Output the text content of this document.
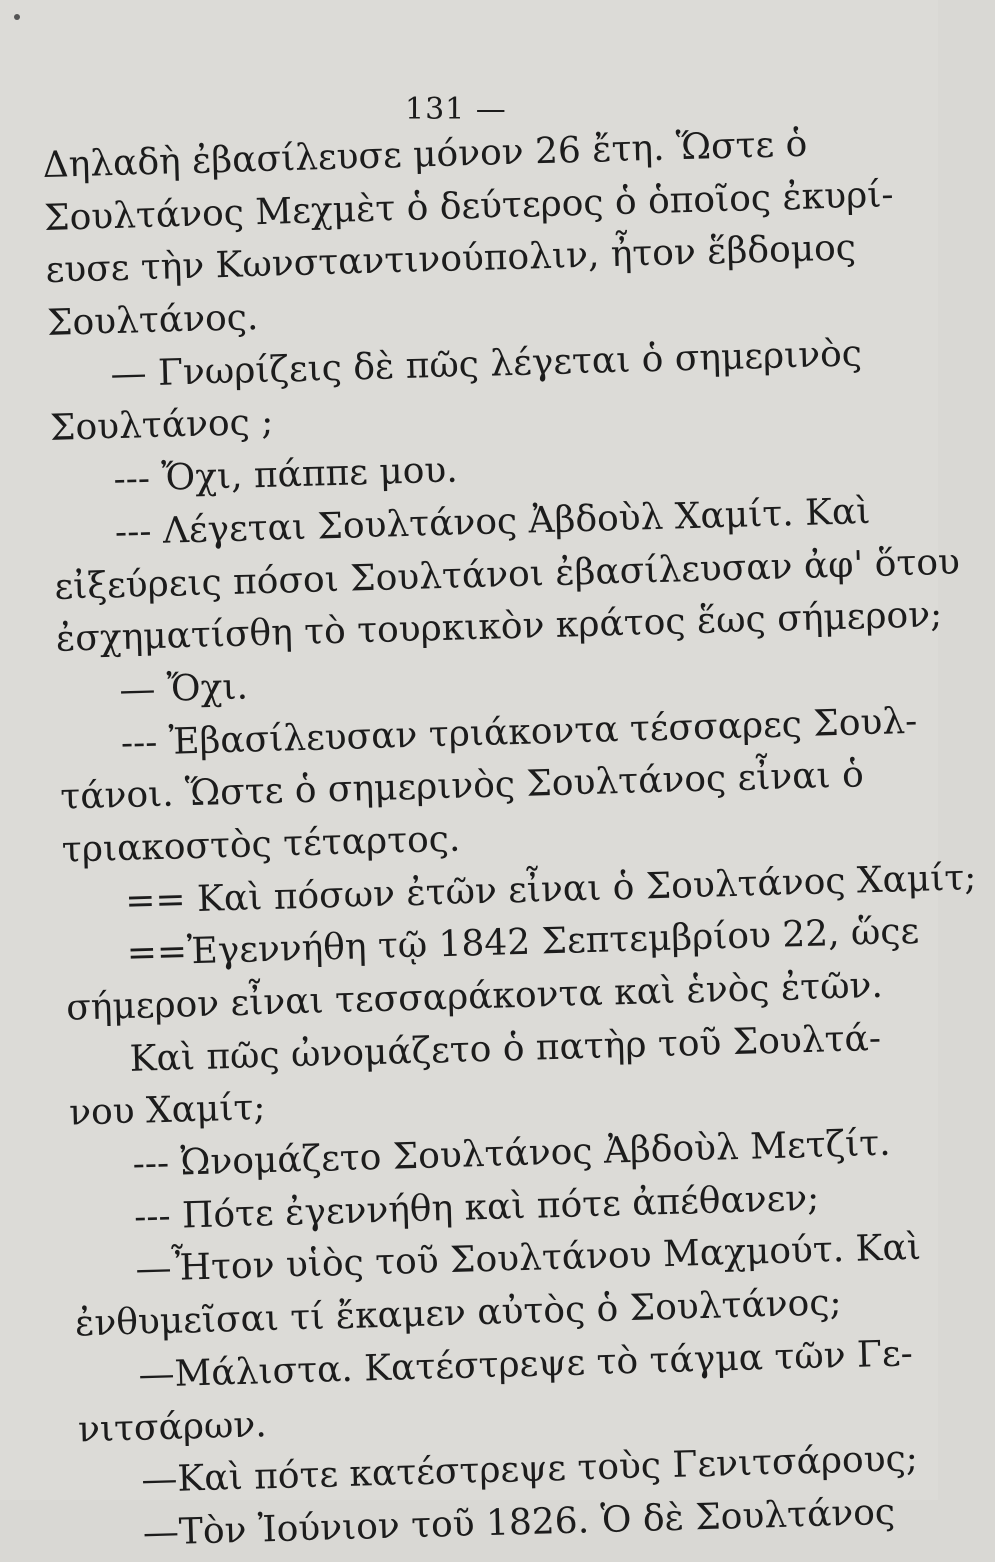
131 —
Δηλαδὴ ἐβασίλευσε μόνον 26 ἔτη. Ὥστε ὁ
Σουλτάνος Μεχμὲτ ὁ δεύτερος ὁ ὁποῖος ἐκυρί-
ευσε τὴν Κωνσταντινούπολιν, ἦτον ἕβδομος
Σουλτάνος.
— Γνωρίζεις δὲ πῶς λέγεται ὁ σημερινὸς
Σουλτάνος ;
--- Ὄχι, πάππε μου.
--- Λέγεται Σουλτάνος Ἀβδοὺλ Χαμίτ. Καὶ
εἰξεύρεις πόσοι Σουλτάνοι ἐβασίλευσαν ἀφ' ὅτου
ἐσχηματίσθη τὸ τουρκικὸν κράτος ἕως σήμερον;
— Ὄχι.
--- Ἐβασίλευσαν τριάκοντα τέσσαρες Σουλ-
τάνοι. Ὥστε ὁ σημερινὸς Σουλτάνος εἶναι ὁ
τριακοστὸς τέταρτος.
== Καὶ πόσων ἐτῶν εἶναι ὁ Σουλτάνος Χαμίτ;
==Ἐγεννήθη τῷ 1842 Σεπτεμβρίου 22, ὥςε
σήμερον εἶναι τεσσαράκοντα καὶ ἑνὸς ἐτῶν.
Καὶ πῶς ὠνομάζετο ὁ πατὴρ τοῦ Σουλτά-
νου Χαμίτ;
--- Ὠνομάζετο Σουλτάνος Ἀβδοὺλ Μετζίτ.
--- Πότε ἐγεννήθη καὶ πότε ἀπέθανεν;
—Ἦτον υἱὸς τοῦ Σουλτάνου Μαχμούτ. Καὶ
ἐνθυμεῖσαι τί ἔκαμεν αὐτὸς ὁ Σουλτάνος;
—Μάλιστα. Κατέστρεψε τὸ τάγμα τῶν Γε-
νιτσάρων.
—Καὶ πότε κατέστρεψε τοὺς Γενιτσάρους;
—Τὸν Ἰούνιον τοῦ 1826. Ὁ δὲ Σουλτάνος
